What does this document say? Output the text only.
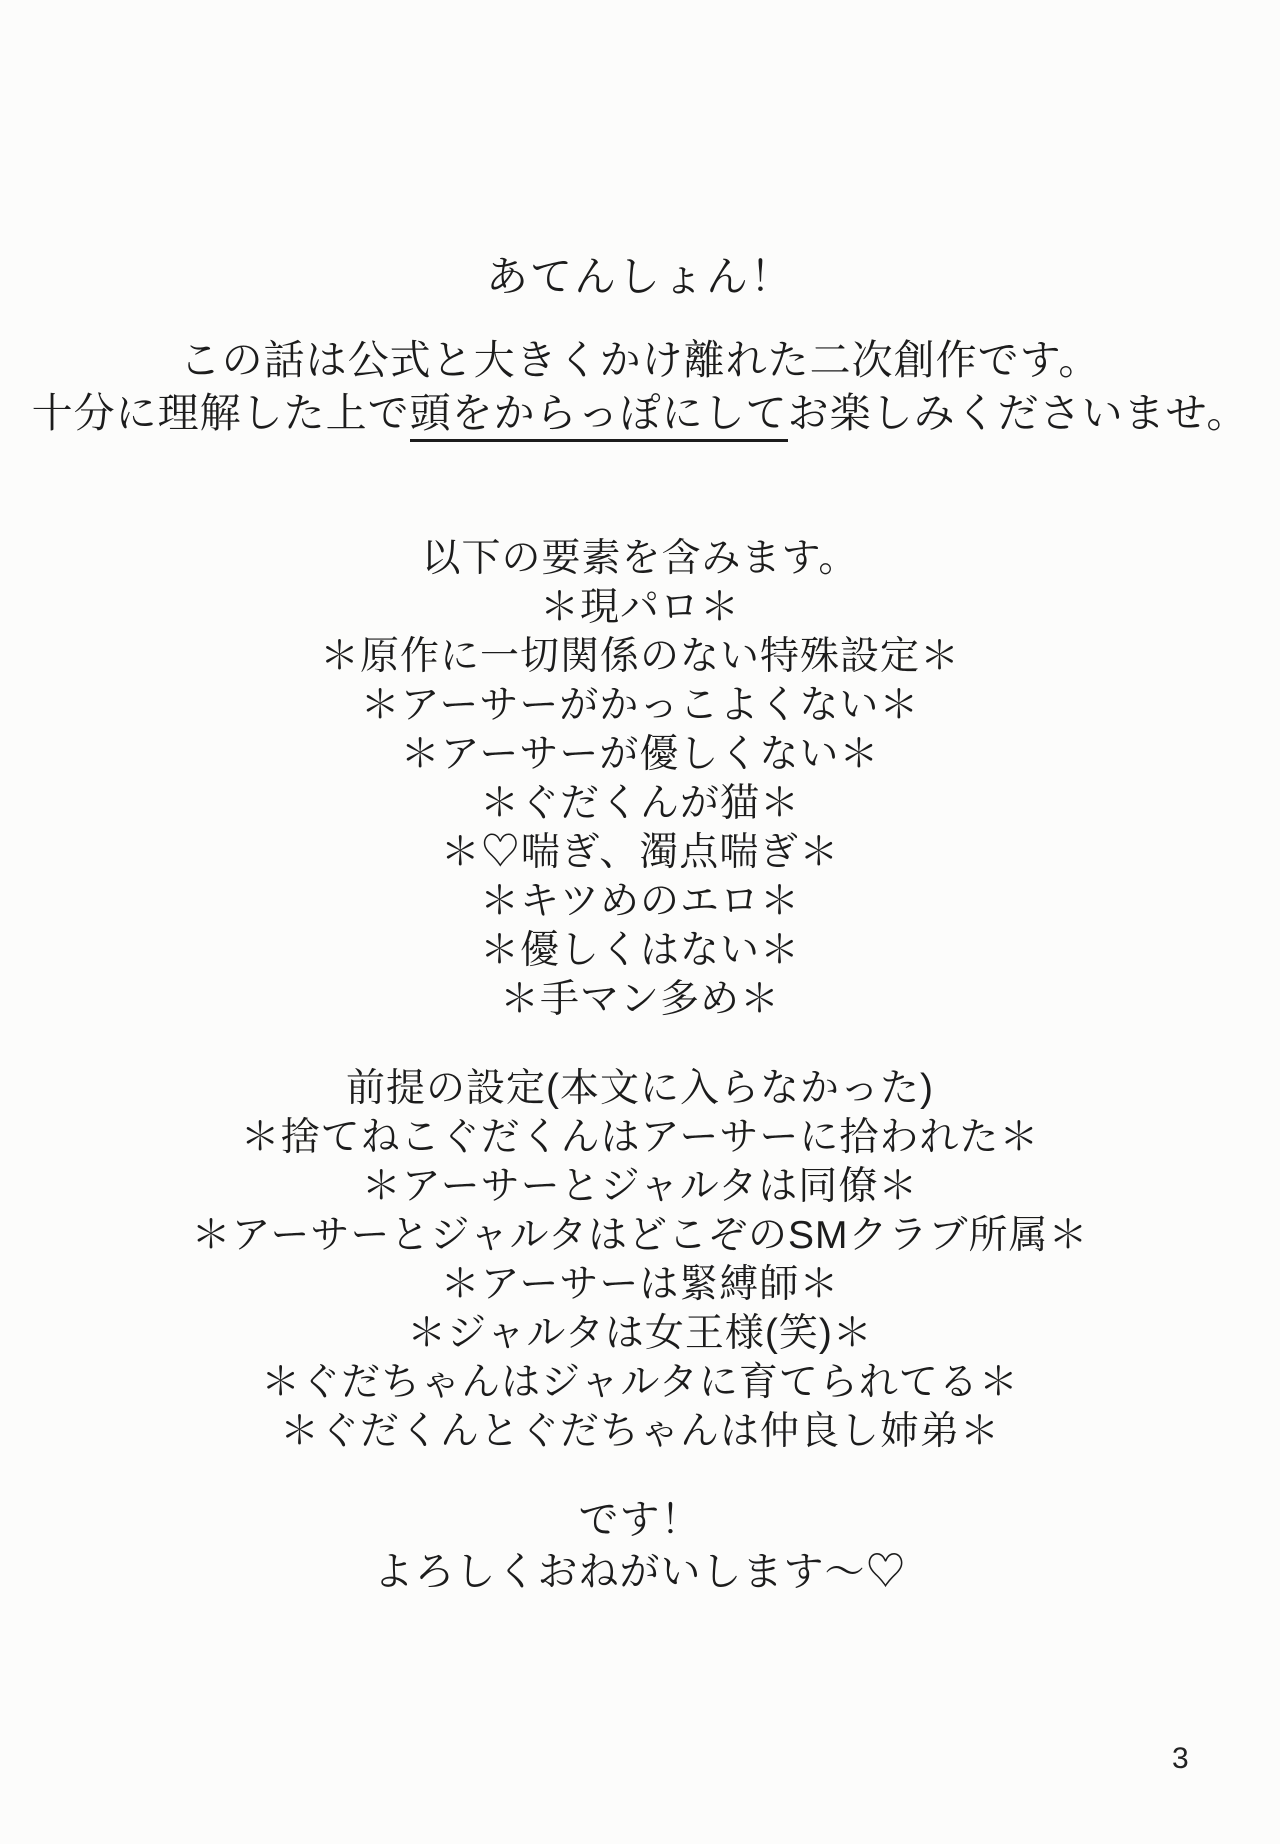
あてんしょん！
この話は公式と大きくかけ離れた二次創作です。
十分に理解した上で頭をからっぽにしてお楽しみくださいませ。
以下の要素を含みます。
＊現パロ＊
＊原作に一切関係のない特殊設定＊
＊アーサーがかっこよくない＊
＊アーサーが優しくない＊
＊ぐだくんが猫＊
＊♡喘ぎ、濁点喘ぎ＊
＊キツめのエロ＊
＊優しくはない＊
＊手マン多め＊
前提の設定(本文に入らなかった)
＊捨てねこぐだくんはアーサーに拾われた＊
＊アーサーとジャルタは同僚＊
＊アーサーとジャルタはどこぞのSMクラブ所属＊
＊アーサーは緊縛師＊
＊ジャルタは女王様(笑)＊
＊ぐだちゃんはジャルタに育てられてる＊
＊ぐだくんとぐだちゃんは仲良し姉弟＊
です！
よろしくおねがいします～♡
3
